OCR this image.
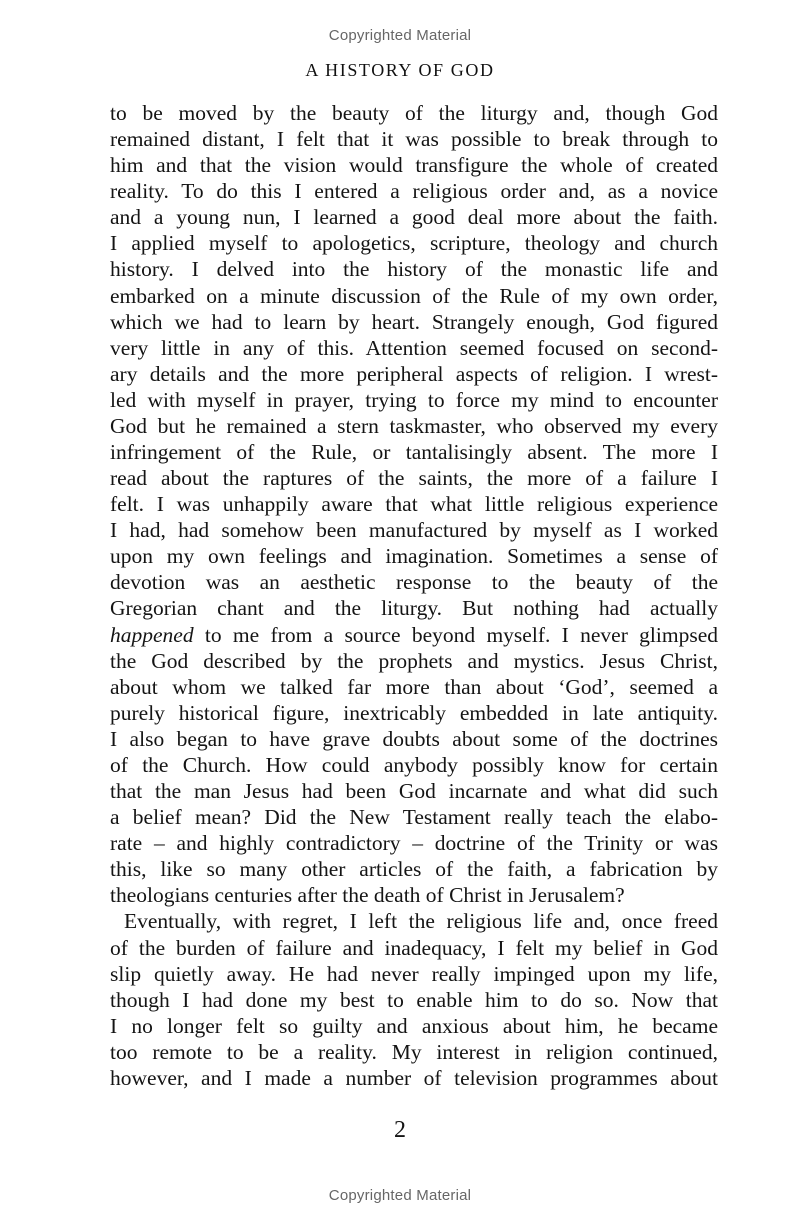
Copyrighted Material
A HISTORY OF GOD
to be moved by the beauty of the liturgy and, though God
remained distant, I felt that it was possible to break through to
him and that the vision would transfigure the whole of created
reality. To do this I entered a religious order and, as a novice
and a young nun, I learned a good deal more about the faith.
I applied myself to apologetics, scripture, theology and church
history. I delved into the history of the monastic life and
embarked on a minute discussion of the Rule of my own order,
which we had to learn by heart. Strangely enough, God figured
very little in any of this. Attention seemed focused on second-
ary details and the more peripheral aspects of religion. I wrest-
led with myself in prayer, trying to force my mind to encounter
God but he remained a stern taskmaster, who observed my every
infringement of the Rule, or tantalisingly absent. The more I
read about the raptures of the saints, the more of a failure I
felt. I was unhappily aware that what little religious experience
I had, had somehow been manufactured by myself as I worked
upon my own feelings and imagination. Sometimes a sense of
devotion was an aesthetic response to the beauty of the
Gregorian chant and the liturgy. But nothing had actually
happened to me from a source beyond myself. I never glimpsed
the God described by the prophets and mystics. Jesus Christ,
about whom we talked far more than about ‘God’, seemed a
purely historical figure, inextricably embedded in late antiquity.
I also began to have grave doubts about some of the doctrines
of the Church. How could anybody possibly know for certain
that the man Jesus had been God incarnate and what did such
a belief mean? Did the New Testament really teach the elabo-
rate – and highly contradictory – doctrine of the Trinity or was
this, like so many other articles of the faith, a fabrication by
theologians centuries after the death of Christ in Jerusalem?
Eventually, with regret, I left the religious life and, once freed
of the burden of failure and inadequacy, I felt my belief in God
slip quietly away. He had never really impinged upon my life,
though I had done my best to enable him to do so. Now that
I no longer felt so guilty and anxious about him, he became
too remote to be a reality. My interest in religion continued,
however, and I made a number of television programmes about
2
Copyrighted Material
